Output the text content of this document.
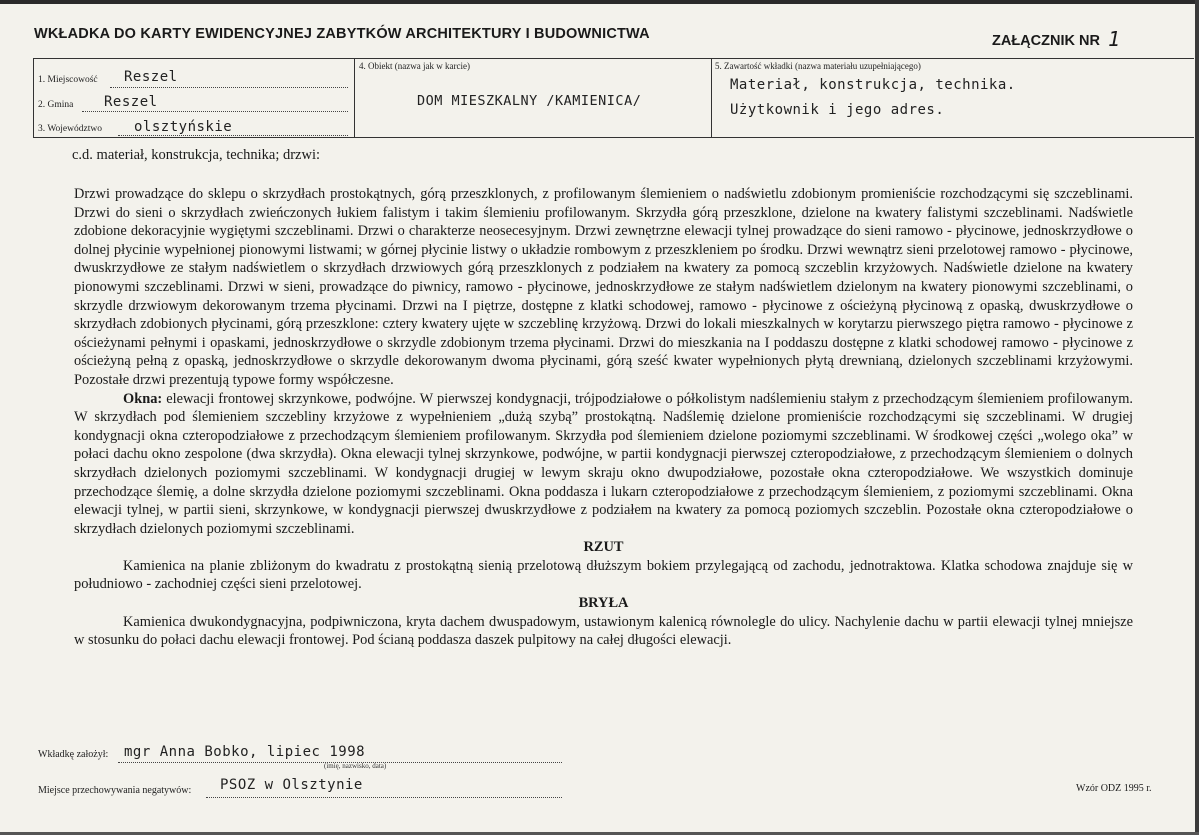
WKŁADKA DO KARTY EWIDENCYJNEJ ZABYTKÓW ARCHITEKTURY I BUDOWNICTWA	ZAŁĄCZNIK NR 1
1. Miejscowość Reszel
2. Gmina Reszel
3. Województwo olsztyńskie
4. Obiekt (nazwa jak w karcie)
DOM MIESZKALNY /KAMIENICA/
5. Zawartość wkładki (nazwa materiału uzupełniającego)
Materiał, konstrukcja, technika.
Użytkownik i jego adres.
c.d. materiał, konstrukcja, technika; drzwi:

Drzwi prowadzące do sklepu o skrzydłach prostokątnych, górą przeszklonych, z profilowanym ślemieniem o nadświetlu zdobionym promieniście rozchodzącymi się szczeblinami. Drzwi do sieni o skrzydłach zwieńczonych łukiem falistym i takim ślemieniu profilowanym. Skrzydła górą przeszklone, dzielone na kwatery falistymi szczeblinami. Nadświetle zdobione dekoracyjnie wygiętymi szczeblinami. Drzwi o charakterze neosecesyjnym. Drzwi zewnętrzne elewacji tylnej prowadzące do sieni ramowo - płycinowe, jednoskrzydłowe o dolnej płycinie wypełnionej pionowymi listwami; w górnej płycinie listwy o układzie rombowym z przeszkleniem po środku. Drzwi wewnątrz sieni przelotowej ramowo - płycinowe, dwuskrzydłowe ze stałym nadświetlem o skrzydłach drzwiowych górą przeszklonych z podziałem na kwatery za pomocą szczeblin krzyżowych. Nadświetle dzielone na kwatery pionowymi szczeblinami. Drzwi w sieni, prowadzące do piwnicy, ramowo - płycinowe, jednoskrzydłowe ze stałym nadświetlem dzielonym na kwatery pionowymi szczeblinami, o skrzydle drzwiowym dekorowanym trzema płycinami. Drzwi na I piętrze, dostępne z klatki schodowej, ramowo - płycinowe z ościeżyną płycinową z opaską, dwuskrzydłowe o skrzydłach zdobionych płycinami, górą przeszklone: cztery kwatery ujęte w szczeblinę krzyżową. Drzwi do lokali mieszkalnych w korytarzu pierwszego piętra ramowo - płycinowe z ościeżynami pełnymi i opaskami, jednoskrzydłowe o skrzydle zdobionym trzema płycinami. Drzwi do mieszkania na I poddaszu dostępne z klatki schodowej ramowo - płycinowe z ościeżyną pełną z opaską, jednoskrzydłowe o skrzydle dekorowanym dwoma płycinami, górą sześć kwater wypełnionych płytą drewnianą, dzielonych szczeblinami krzyżowymi. Pozostałe drzwi prezentują typowe formy współczesne.

Okna: elewacji frontowej skrzynkowe, podwójne. W pierwszej kondygnacji, trójpodziałowe o półkolistym nadślemieniu stałym z przechodzącym ślemieniem profilowanym. W skrzydłach pod ślemieniem szczebliny krzyżowe z wypełnieniem „dużą szybą” prostokątną. Nadślemię dzielone promieniście rozchodzącymi się szczeblinami. W drugiej kondygnacji okna czteropodziałowe z przechodzącym ślemieniem profilowanym. Skrzydła pod ślemieniem dzielone poziomymi szczeblinami. W środkowej części „wolego oka” w połaci dachu okno zespolone (dwa skrzydła). Okna elewacji tylnej skrzynkowe, podwójne, w partii kondygnacji pierwszej czteropodziałowe, z przechodzącym ślemieniem o dolnych skrzydłach dzielonych poziomymi szczeblinami. W kondygnacji drugiej w lewym skraju okno dwupodziałowe, pozostałe okna czteropodziałowe. We wszystkich dominuje przechodzące ślemię, a dolne skrzydła dzielone poziomymi szczeblinami. Okna poddasza i lukarn czteropodziałowe z przechodzącym ślemieniem, z poziomymi szczeblinami. Okna elewacji tylnej, w partii sieni, skrzynkowe, w kondygnacji pierwszej dwuskrzydłowe z podziałem na kwatery za pomocą poziomych szczeblin. Pozostałe okna czteropodziałowe o skrzydłach dzielonych poziomymi szczeblinami.

RZUT

Kamienica na planie zbliżonym do kwadratu z prostokątną sienią przelotową dłuższym bokiem przylegającą od zachodu, jednotraktowa. Klatka schodowa znajduje się w południowo - zachodniej części sieni przelotowej.

BRYŁA

Kamienica dwukondygnacyjna, podpiwniczona, kryta dachem dwuspadowym, ustawionym kalenicą równolegle do ulicy. Nachylenie dachu w partii elewacji tylnej mniejsze w stosunku do połaci dachu elewacji frontowej. Pod ścianą poddasza daszek pulpitowy na całej długości elewacji.

Wkładkę założył: mgr Anna Bobko, lipiec 1998
(imię, nazwisko, data)
Miejsce przechowywania negatywów: PSOZ w Olsztynie	Wzór ODZ 1995 r.
